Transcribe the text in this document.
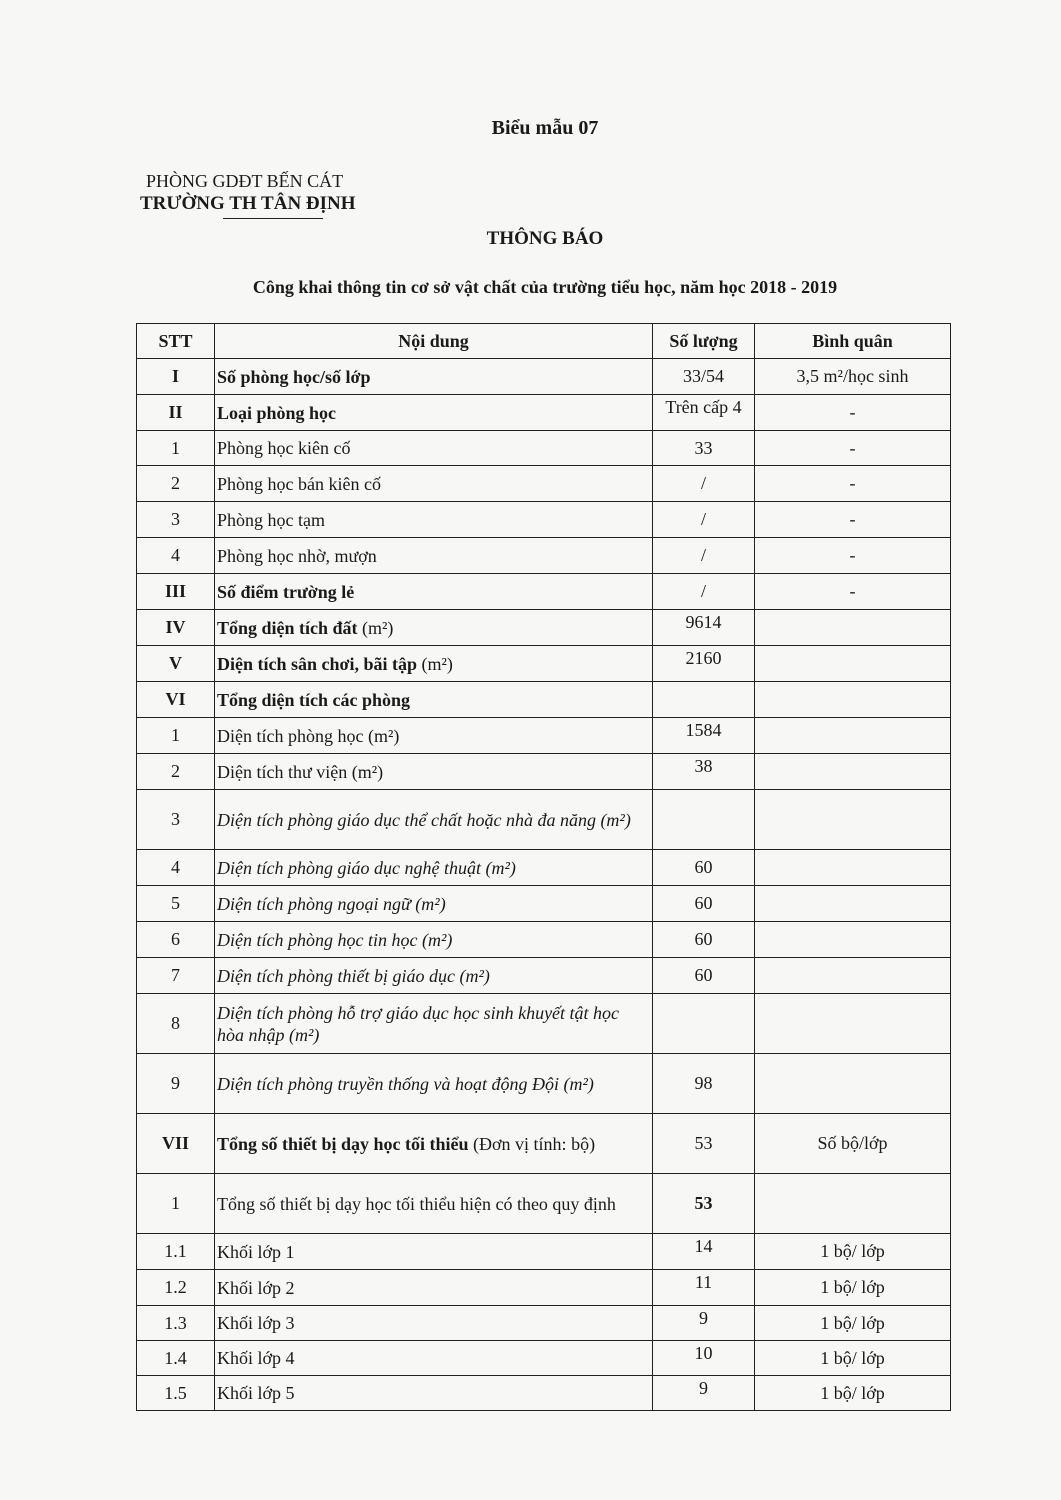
Biểu mẫu 07
PHÒNG GDĐT BẾN CÁT
TRƯỜNG TH TÂN ĐỊNH
THÔNG BÁO
Công khai thông tin cơ sở vật chất của trường tiểu học, năm học 2018 - 2019
STT	Nội dung	Số lượng	Bình quân
I	Số phòng học/số lớp	33/54	3,5 m²/học sinh
II	Loại phòng học	Trên cấp 4	-
1	Phòng học kiên cố	33	-
2	Phòng học bán kiên cố	/	-
3	Phòng học tạm	/	-
4	Phòng học nhờ, mượn	/	-
III	Số điểm trường lẻ	/	-
IV	Tổng diện tích đất (m²)	9614	
V	Diện tích sân chơi, bãi tập (m²)	2160	
VI	Tổng diện tích các phòng		
1	Diện tích phòng học (m²)	1584	
2	Diện tích thư viện (m²)	38	
3	Diện tích phòng giáo dục thể chất hoặc nhà đa năng (m²)		
4	Diện tích phòng giáo dục nghệ thuật (m²)	60	
5	Diện tích phòng ngoại ngữ (m²)	60	
6	Diện tích phòng học tin học (m²)	60	
7	Diện tích phòng thiết bị giáo dục (m²)	60	
8	Diện tích phòng hỗ trợ giáo dục học sinh khuyết tật học hòa nhập (m²)		
9	Diện tích phòng truyền thống và hoạt động Đội (m²)	98	
VII	Tổng số thiết bị dạy học tối thiểu (Đơn vị tính: bộ)	53	Số bộ/lớp
1	Tổng số thiết bị dạy học tối thiểu hiện có theo quy định	53	
1.1	Khối lớp 1	14	1 bộ/ lớp
1.2	Khối lớp 2	11	1 bộ/ lớp
1.3	Khối lớp 3	9	1 bộ/ lớp
1.4	Khối lớp 4	10	1 bộ/ lớp
1.5	Khối lớp 5	9	1 bộ/ lớp
